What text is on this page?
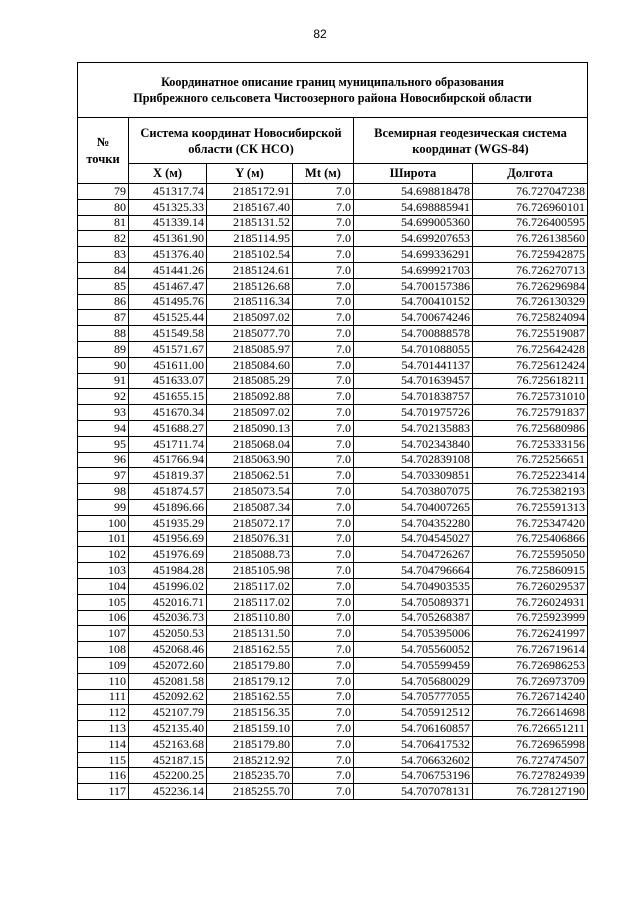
82
Координатное описание границ муниципального образования
Прибрежного сельсовета Чистоозерного района Новосибирской области					

№
точки	Система координат Новосибирской области (СК НСО)			Всемирная геодезическая система координат (WGS-84)	
	X (м)	Y (м)	Mt (м)	Широта	Долгота
79	451317.74	2185172.91	7.0	54.698818478	76.727047238
80	451325.33	2185167.40	7.0	54.698885941	76.726960101
81	451339.14	2185131.52	7.0	54.699005360	76.726400595
82	451361.90	2185114.95	7.0	54.699207653	76.726138560
83	451376.40	2185102.54	7.0	54.699336291	76.725942875
84	451441.26	2185124.61	7.0	54.699921703	76.726270713
85	451467.47	2185126.68	7.0	54.700157386	76.726296984
86	451495.76	2185116.34	7.0	54.700410152	76.726130329
87	451525.44	2185097.02	7.0	54.700674246	76.725824094
88	451549.58	2185077.70	7.0	54.700888578	76.725519087
89	451571.67	2185085.97	7.0	54.701088055	76.725642428
90	451611.00	2185084.60	7.0	54.701441137	76.725612424
91	451633.07	2185085.29	7.0	54.701639457	76.725618211
92	451655.15	2185092.88	7.0	54.701838757	76.725731010
93	451670.34	2185097.02	7.0	54.701975726	76.725791837
94	451688.27	2185090.13	7.0	54.702135883	76.725680986
95	451711.74	2185068.04	7.0	54.702343840	76.725333156
96	451766.94	2185063.90	7.0	54.702839108	76.725256651
97	451819.37	2185062.51	7.0	54.703309851	76.725223414
98	451874.57	2185073.54	7.0	54.703807075	76.725382193
99	451896.66	2185087.34	7.0	54.704007265	76.725591313
100	451935.29	2185072.17	7.0	54.704352280	76.725347420
101	451956.69	2185076.31	7.0	54.704545027	76.725406866
102	451976.69	2185088.73	7.0	54.704726267	76.725595050
103	451984.28	2185105.98	7.0	54.704796664	76.725860915
104	451996.02	2185117.02	7.0	54.704903535	76.726029537
105	452016.71	2185117.02	7.0	54.705089371	76.726024931
106	452036.73	2185110.80	7.0	54.705268387	76.725923999
107	452050.53	2185131.50	7.0	54.705395006	76.726241997
108	452068.46	2185162.55	7.0	54.705560052	76.726719614
109	452072.60	2185179.80	7.0	54.705599459	76.726986253
110	452081.58	2185179.12	7.0	54.705680029	76.726973709
111	452092.62	2185162.55	7.0	54.705777055	76.726714240
112	452107.79	2185156.35	7.0	54.705912512	76.726614698
113	452135.40	2185159.10	7.0	54.706160857	76.726651211
114	452163.68	2185179.80	7.0	54.706417532	76.726965998
115	452187.15	2185212.92	7.0	54.706632602	76.727474507
116	452200.25	2185235.70	7.0	54.706753196	76.727824939
117	452236.14	2185255.70	7.0	54.707078131	76.728127190
